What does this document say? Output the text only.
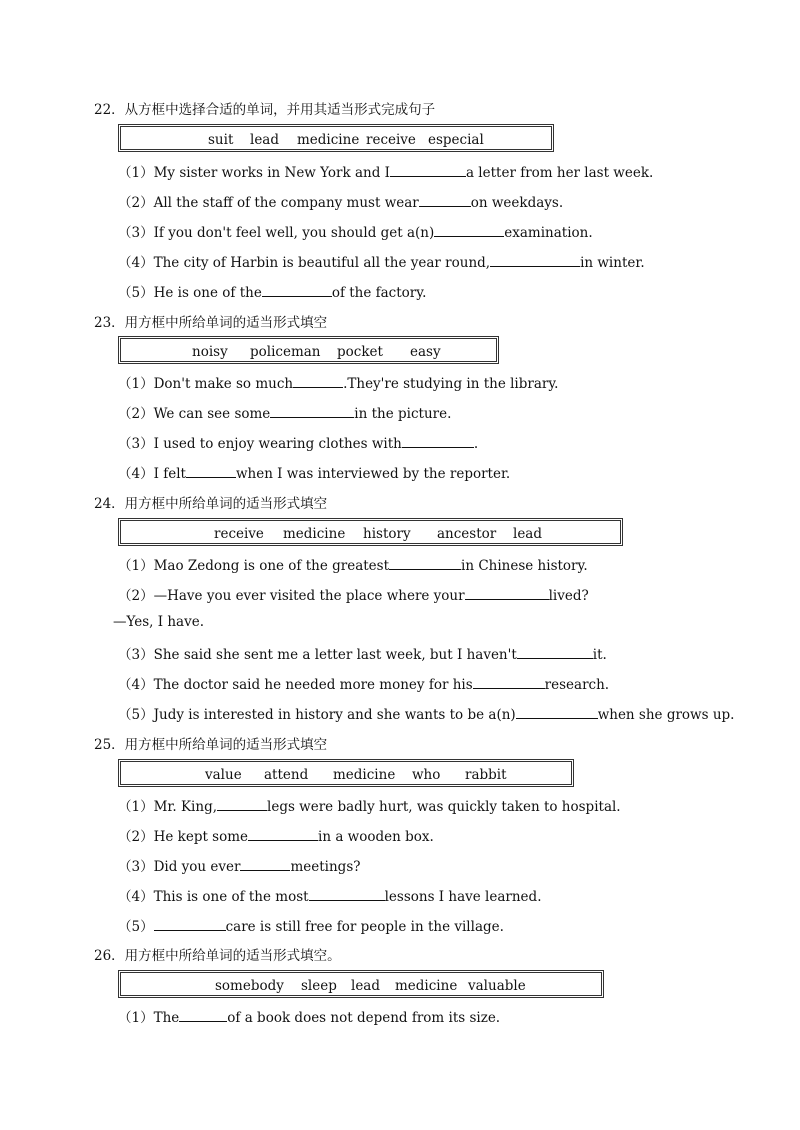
22．从方框中选择合适的单词，并用其适当形式完成句子
suit lead medicine receive especial
（1）My sister works in New York and I	a letter from her last week.
（2）All the staff of the company must wear	on weekdays.
（3）If you don't feel well, you should get a(n)	examination.
（4）The city of Harbin is beautiful all the year round,	in winter.
（5）He is one of the	of the factory.
23．用方框中所给单词的适当形式填空
noisy policeman pocket easy
（1）Don't make so much	.They're studying in the library.
（2）We can see some	in the picture.
（3）I used to enjoy wearing clothes with	.
（4）I felt	when I was interviewed by the reporter.
24．用方框中所给单词的适当形式填空
receive medicine history ancestor lead
（1）Mao Zedong is one of the greatest	in Chinese history.
（2）—Have you ever visited the place where your	lived?
—Yes, I have.
（3）She said she sent me a letter last week, but I haven't	it.
（4）The doctor said he needed more money for his	research.
（5）Judy is interested in history and she wants to be a(n)	when she grows up.
25．用方框中所给单词的适当形式填空
value attend medicine who rabbit
（1）Mr. King,	legs were badly hurt, was quickly taken to hospital.
（2）He kept some	in a wooden box.
（3）Did you ever	meetings?
（4）This is one of the most	lessons I have learned.
（5）	care is still free for people in the village.
26．用方框中所给单词的适当形式填空。
somebody sleep lead medicine valuable
（1）The	of a book does not depend from its size.
